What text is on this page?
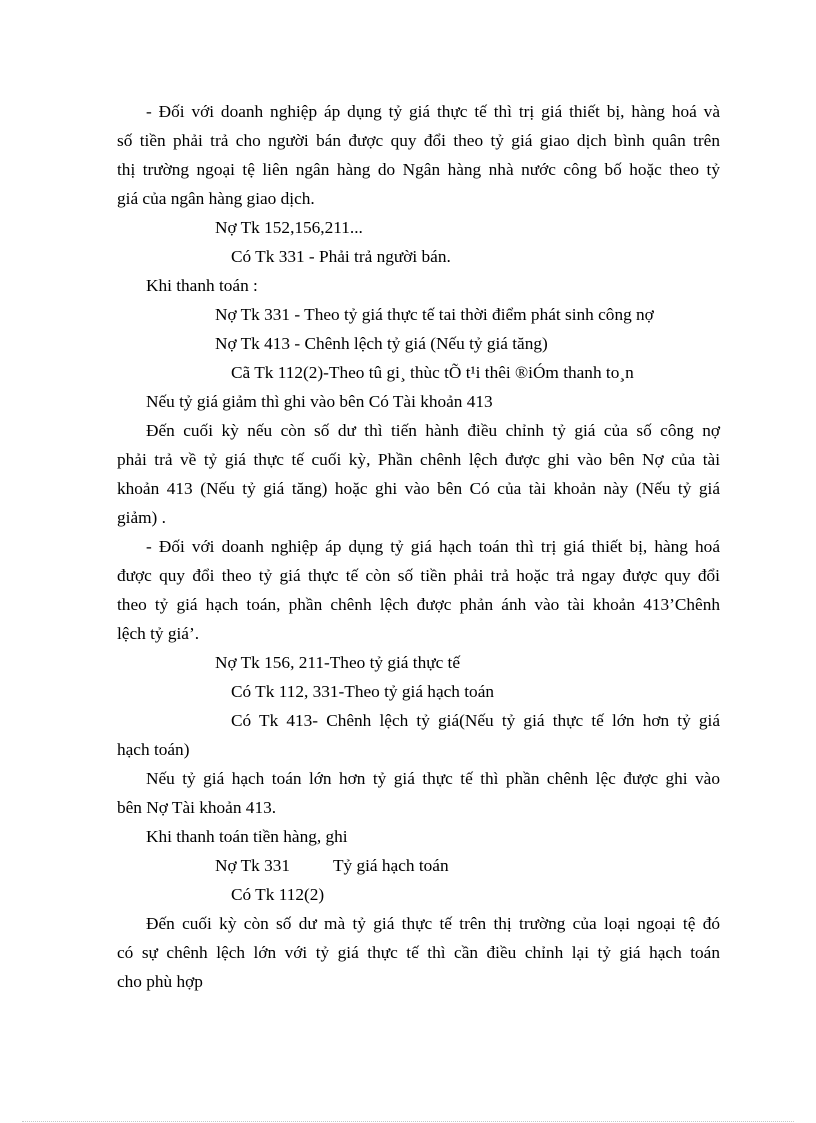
- Đối với doanh nghiệp áp dụng tỷ giá thực tế thì trị giá thiết bị, hàng hoá và
số tiền phải trả cho người bán được quy đổi theo tỷ giá giao dịch bình quân trên
thị trường ngoại tệ liên ngân hàng do Ngân hàng nhà nước công bố hoặc theo tỷ
giá của ngân hàng giao dịch.
Nợ Tk 152,156,211...
Có Tk 331 - Phải trả người bán.
Khi thanh toán :
Nợ Tk 331 - Theo tỷ giá thực tế tai thời điểm phát sinh công nợ
Nợ Tk 413 - Chênh lệch tỷ giá (Nếu tỷ giá tăng)
Cã Tk 112(2)-Theo tû gi¸ thùc tÕ t¹i thêi ®iÓm thanh to¸n
Nếu tỷ giá giảm thì ghi vào bên Có Tài khoản 413
Đến cuối kỳ nếu còn số dư thì tiến hành điều chỉnh tỷ giá của số công nợ
phải trả về tỷ giá thực tế cuối kỳ, Phần chênh lệch được ghi vào bên Nợ của tài
khoản 413 (Nếu tỷ giá tăng) hoặc ghi vào bên Có của tài khoản này (Nếu tỷ giá
giảm) .
- Đối với doanh nghiệp áp dụng tỷ giá hạch toán thì trị giá thiết bị, hàng hoá
được quy đổi theo tỷ giá thực tế còn số tiền phải trả hoặc trả ngay được quy đổi
theo tỷ giá hạch toán, phần chênh lệch được phản ánh vào tài khoản 413’Chênh
lệch tỷ giá’.
Nợ Tk 156, 211-Theo tỷ giá thực tế
Có Tk 112, 331-Theo tỷ giá hạch toán
Có Tk 413- Chênh lệch tỷ giá(Nếu tỷ giá thực tế lớn hơn tỷ giá
hạch toán)
Nếu tỷ giá hạch toán lớn hơn tỷ giá thực tế thì phần chênh lệc được ghi vào
bên Nợ Tài khoản 413.
Khi thanh toán tiền hàng, ghi
Nợ Tk 331          Tỷ giá hạch toán
Có Tk 112(2)
Đến cuối kỳ còn số dư mà tỷ giá thực tế trên thị trường của loại ngoại tệ đó
có sự chênh lệch lớn với tỷ giá thực tế thì cần điều chỉnh lại tỷ giá hạch toán
cho phù hợp
